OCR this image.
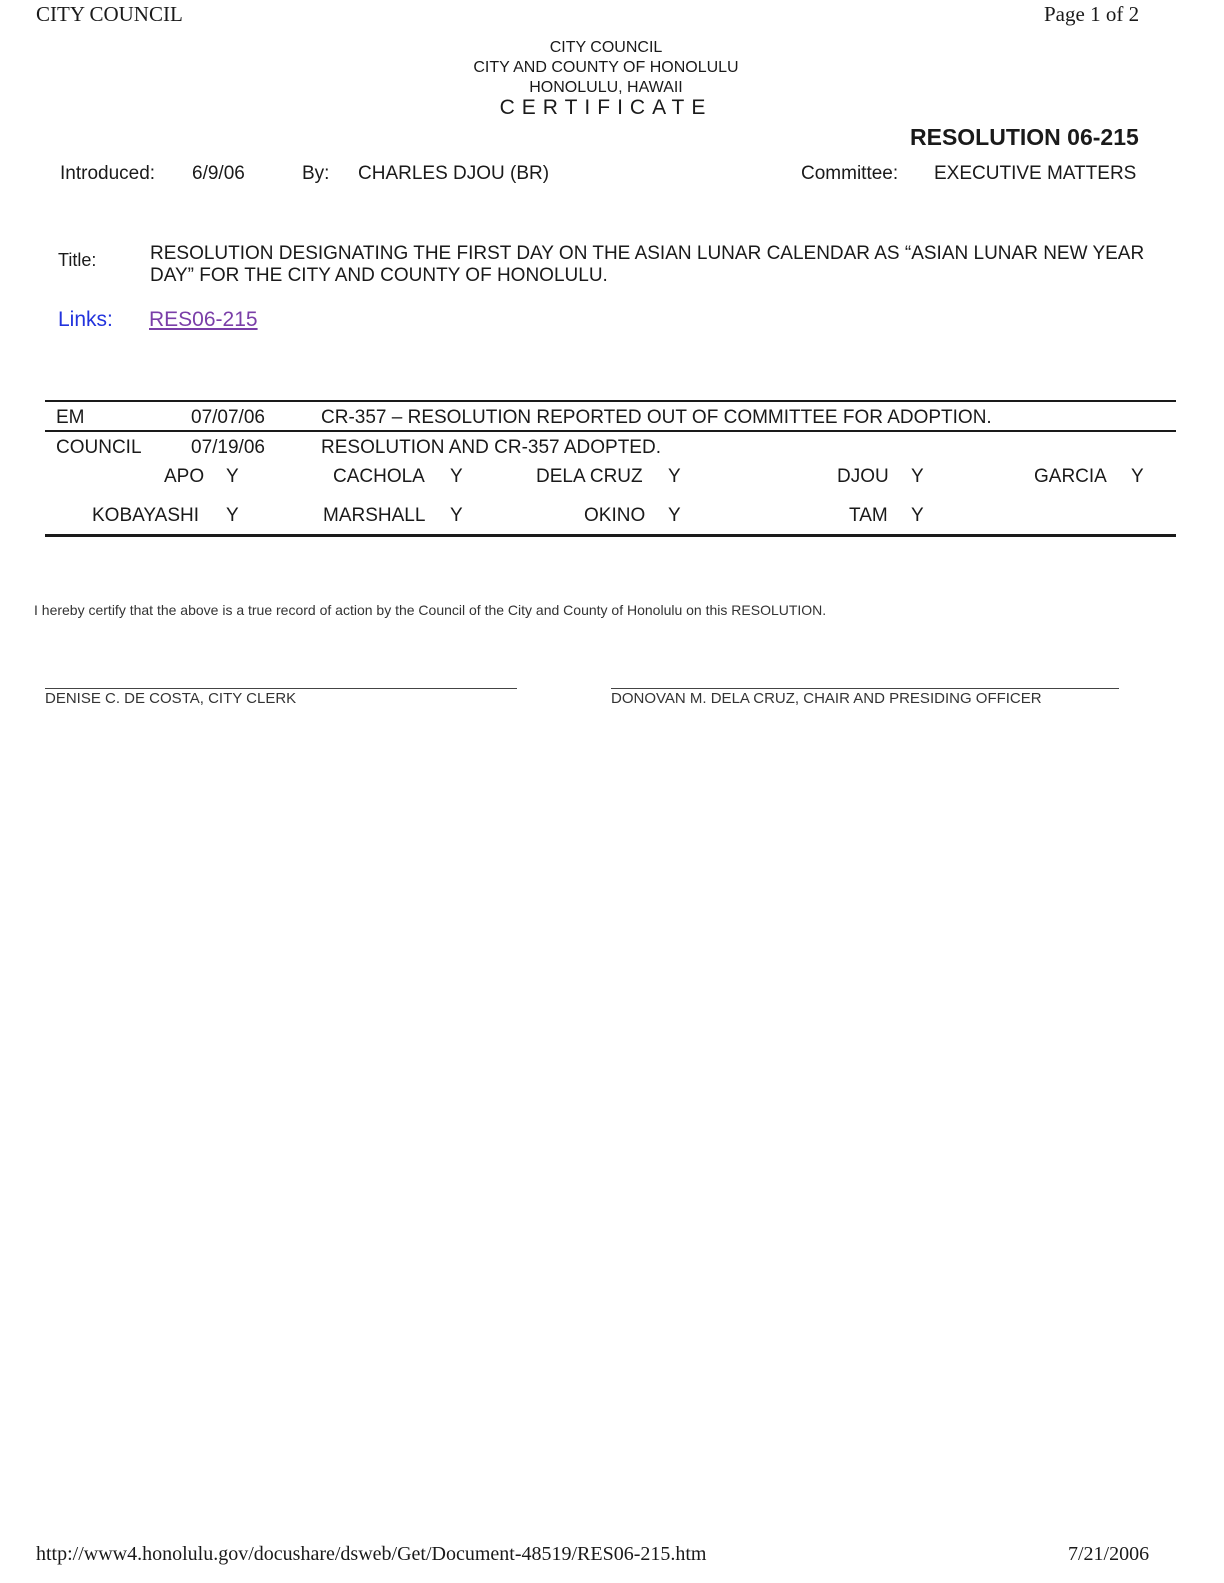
CITY COUNCIL	Page 1 of 2
CITY COUNCIL
CITY AND COUNTY OF HONOLULU
HONOLULU, HAWAII
CERTIFICATE
RESOLUTION 06-215
Introduced: 6/9/06	By: CHARLES DJOU (BR)	Committee: EXECUTIVE MATTERS
Title:	RESOLUTION DESIGNATING THE FIRST DAY ON THE ASIAN LUNAR CALENDAR AS “ASIAN LUNAR NEW YEAR DAY” FOR THE CITY AND COUNTY OF HONOLULU.
Links: RES06-215
EM	07/07/06	CR-357 – RESOLUTION REPORTED OUT OF COMMITTEE FOR ADOPTION.
COUNCIL	07/19/06	RESOLUTION AND CR-357 ADOPTED.
APO Y	CACHOLA Y	DELA CRUZ Y	DJOU Y	GARCIA Y
KOBAYASHI Y	MARSHALL Y	OKINO Y	TAM Y
I hereby certify that the above is a true record of action by the Council of the City and County of Honolulu on this RESOLUTION.
DENISE C. DE COSTA, CITY CLERK	DONOVAN M. DELA CRUZ, CHAIR AND PRESIDING OFFICER
http://www4.honolulu.gov/docushare/dsweb/Get/Document-48519/RES06-215.htm	7/21/2006
